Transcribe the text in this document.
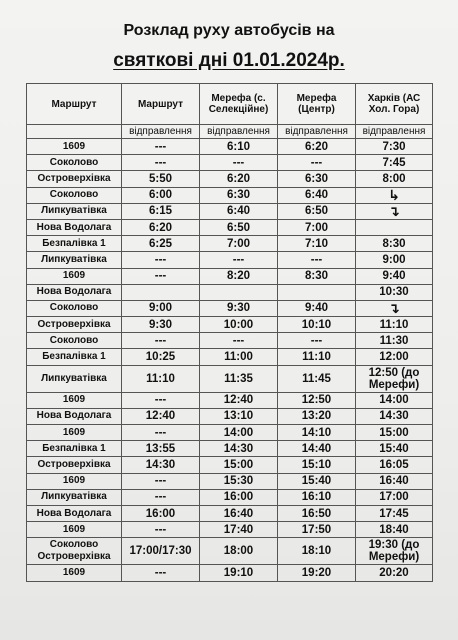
Розклад руху автобусів на
святкові дні 01.01.2024р.
Маршрут	Маршрут	Мерефа (с. Селекційне)	Мерефа (Центр)	Харків (АС Хол. Гора)
	відправлення	відправлення	відправлення	відправлення
1609	---	6:10	6:20	7:30
Соколово	---	---	---	7:45
Островерхівка	5:50	6:20	6:30	8:00
Соколово	6:00	6:30	6:40	↳
Липкуватівка	6:15	6:40	6:50	↴
Нова Водолага	6:20	6:50	7:00	
Безпалівка 1	6:25	7:00	7:10	8:30
Липкуватівка	---	---	---	9:00
1609	---	8:20	8:30	9:40
Нова Водолага				10:30
Соколово	9:00	9:30	9:40	↴
Островерхівка	9:30	10:00	10:10	11:10
Соколово	---	---	---	11:30
Безпалівка 1	10:25	11:00	11:10	12:00
Липкуватівка	11:10	11:35	11:45	12:50 (до Мерефи)
1609	---	12:40	12:50	14:00
Нова Водолага	12:40	13:10	13:20	14:30
1609	---	14:00	14:10	15:00
Безпалівка 1	13:55	14:30	14:40	15:40
Островерхівка	14:30	15:00	15:10	16:05
1609	---	15:30	15:40	16:40
Липкуватівка	---	16:00	16:10	17:00
Нова Водолага	16:00	16:40	16:50	17:45
1609	---	17:40	17:50	18:40
Соколово Островерхівка	17:00/17:30	18:00	18:10	19:30 (до Мерефи)
1609	---	19:10	19:20	20:20
